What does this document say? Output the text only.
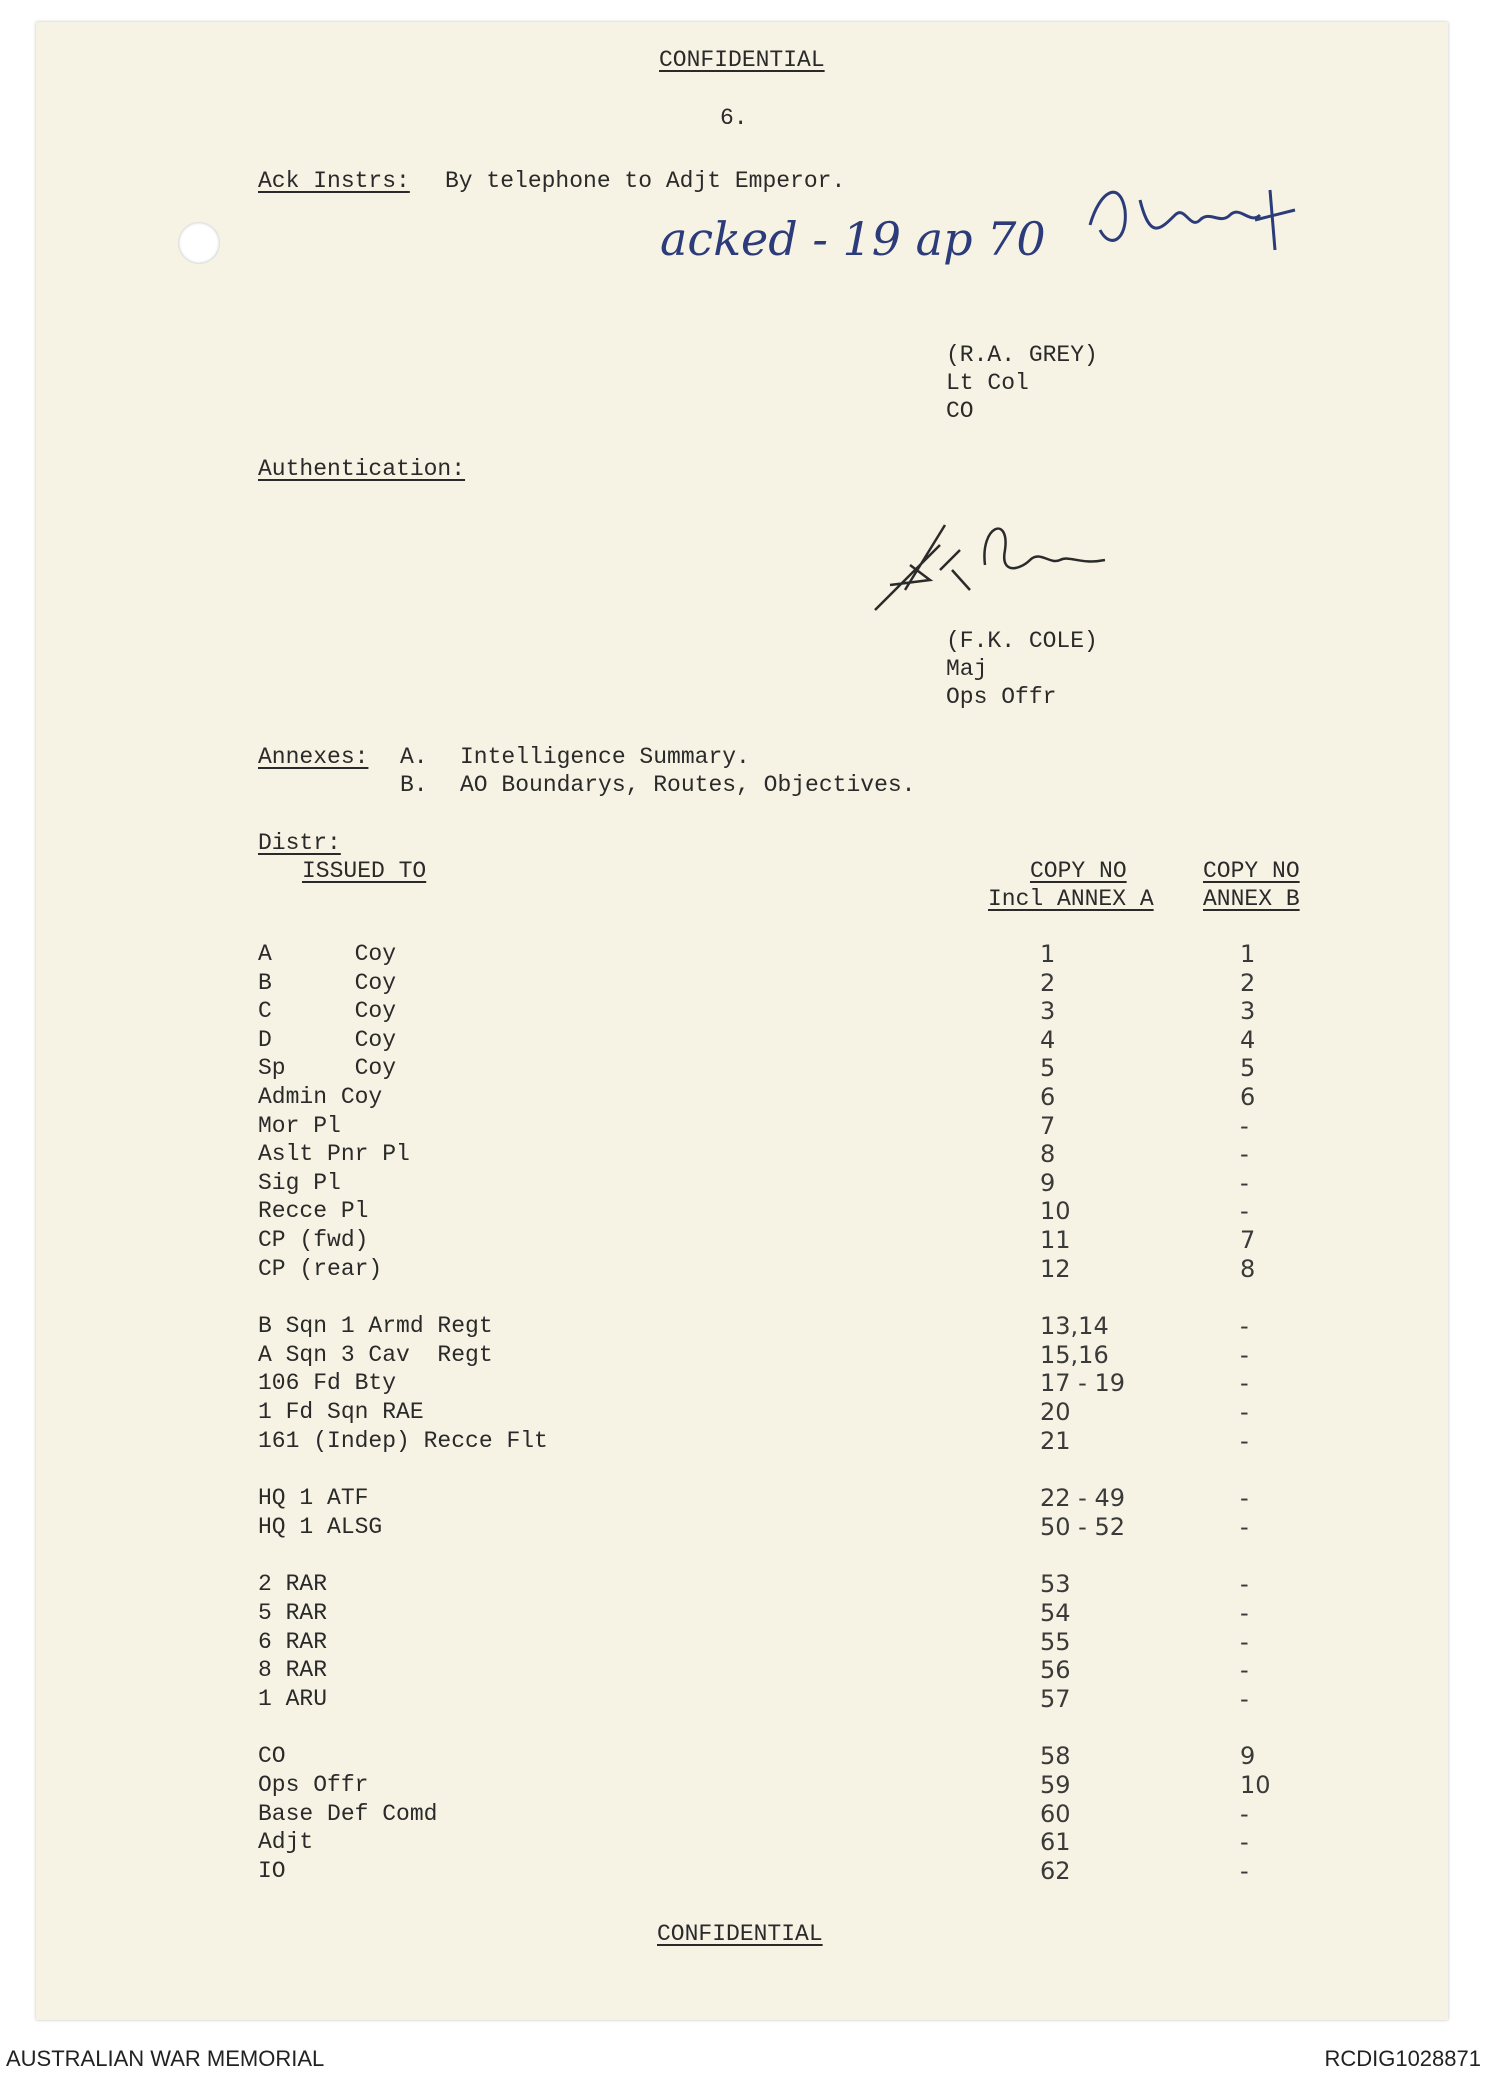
CONFIDENTIAL
6.
Ack Instrs: By telephone to Adjt Emperor.
acked - 19 ap 70
(R.A. GREY)
Lt Col
CO
Authentication:
(F.K. COLE)
Maj
Ops Offr
Annexes: A. Intelligence Summary.
B. AO Boundarys, Routes, Objectives.
Distr:
ISSUED TO	COPY NO
Incl ANNEX A
COPY NO
ANNEX B
A      Coy	1	1
B      Coy	2	2
C      Coy	3	3
D      Coy	4	4
Sp     Coy	5	5
Admin Coy	6	6
Mor Pl	7	-
Aslt Pnr Pl	8	-
Sig Pl	9	-
Recce Pl	10	-
CP (fwd)	11	7
CP (rear)	12	8
B Sqn 1 Armd Regt	13,14	-
A Sqn 3 Cav  Regt	15,16	-
106 Fd Bty	17 - 19	-
1 Fd Sqn RAE	20	-
161 (Indep) Recce Flt	21	-
HQ 1 ATF	22 - 49	-
HQ 1 ALSG	50 - 52	-
2 RAR	53	-
5 RAR	54	-
6 RAR	55	-
8 RAR	56	-
1 ARU	57	-
CO	58	9
Ops Offr	59	10
Base Def Comd	60	-
Adjt	61	-
IO	62	-
CONFIDENTIAL
AUSTRALIAN WAR MEMORIAL	RCDIG1028871
